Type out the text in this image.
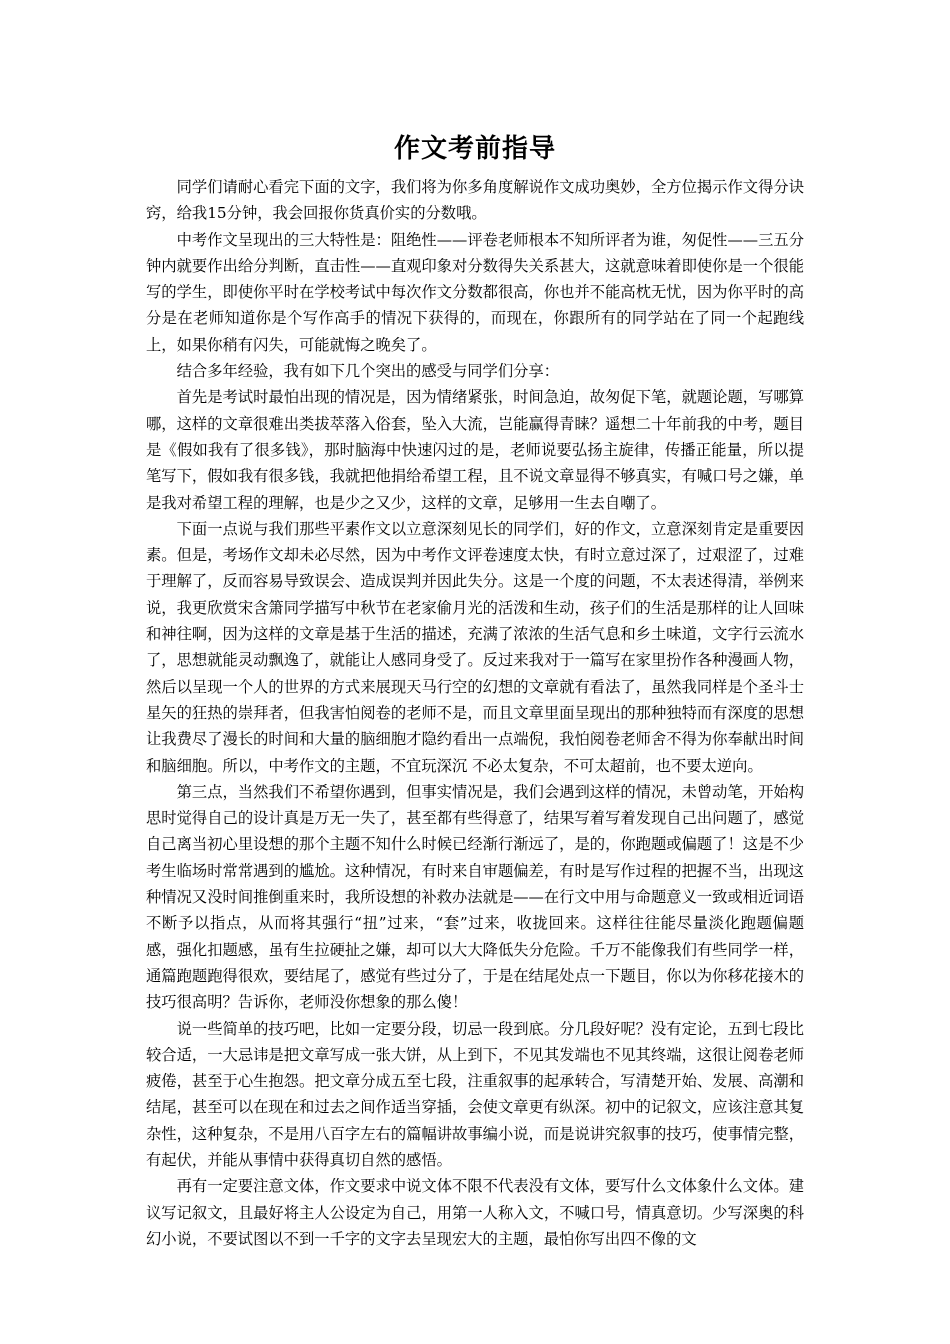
作文考前指导

同学们请耐心看完下面的文字，我们将为你多角度解说作文成功奥妙，全方位揭示作文得分诀窍，给我15分钟，我会回报你货真价实的分数哦。

中考作文呈现出的三大特性是：阻绝性——评卷老师根本不知所评者为谁，匆促性——三五分钟内就要作出给分判断，直击性——直观印象对分数得失关系甚大，这就意味着即使你是一个很能写的学生，即使你平时在学校考试中每次作文分数都很高，你也并不能高枕无忧，因为你平时的高分是在老师知道你是个写作高手的情况下获得的，而现在，你跟所有的同学站在了同一个起跑线上，如果你稍有闪失，可能就悔之晚矣了。

结合多年经验，我有如下几个突出的感受与同学们分享：

首先是考试时最怕出现的情况是，因为情绪紧张，时间急迫，故匆促下笔，就题论题，写哪算哪，这样的文章很难出类拔萃落入俗套，坠入大流，岂能赢得青睐？遥想二十年前我的中考，题目是《假如我有了很多钱》，那时脑海中快速闪过的是，老师说要弘扬主旋律，传播正能量，所以提笔写下，假如我有很多钱，我就把他捐给希望工程，且不说文章显得不够真实，有喊口号之嫌，单是我对希望工程的理解，也是少之又少，这样的文章，足够用一生去自嘲了。

下面一点说与我们那些平素作文以立意深刻见长的同学们，好的作文，立意深刻肯定是重要因素。但是，考场作文却未必尽然，因为中考作文评卷速度太快，有时立意过深了，过艰涩了，过难于理解了，反而容易导致误会、造成误判并因此失分。这是一个度的问题，不太表述得清，举例来说，我更欣赏宋含箫同学描写中秋节在老家偷月光的活泼和生动，孩子们的生活是那样的让人回味和神往啊，因为这样的文章是基于生活的描述，充满了浓浓的生活气息和乡土味道，文字行云流水了，思想就能灵动飘逸了，就能让人感同身受了。反过来我对于一篇写在家里扮作各种漫画人物，然后以呈现一个人的世界的方式来展现天马行空的幻想的文章就有看法了，虽然我同样是个圣斗士星矢的狂热的崇拜者，但我害怕阅卷的老师不是，而且文章里面呈现出的那种独特而有深度的思想让我费尽了漫长的时间和大量的脑细胞才隐约看出一点端倪，我怕阅卷老师舍不得为你奉献出时间和脑细胞。所以，中考作文的主题，不宜玩深沉 不必太复杂，不可太超前，也不要太逆向。

第三点，当然我们不希望你遇到，但事实情况是，我们会遇到这样的情况，未曾动笔，开始构思时觉得自己的设计真是万无一失了，甚至都有些得意了，结果写着写着发现自己出问题了，感觉自己离当初心里设想的那个主题不知什么时候已经渐行渐远了，是的，你跑题或偏题了！这是不少考生临场时常常遇到的尴尬。这种情况，有时来自审题偏差，有时是写作过程的把握不当，出现这种情况又没时间推倒重来时，我所设想的补救办法就是——在行文中用与命题意义一致或相近词语不断予以指点，从而将其强行“扭”过来，“套”过来，收拢回来。这样往往能尽量淡化跑题偏题感，强化扣题感，虽有生拉硬扯之嫌，却可以大大降低失分危险。千万不能像我们有些同学一样，通篇跑题跑得很欢，要结尾了，感觉有些过分了，于是在结尾处点一下题目，你以为你移花接木的技巧很高明？告诉你，老师没你想象的那么傻！

说一些简单的技巧吧，比如一定要分段，切忌一段到底。分几段好呢？没有定论，五到七段比较合适，一大忌讳是把文章写成一张大饼，从上到下，不见其发端也不见其终端，这很让阅卷老师疲倦，甚至于心生抱怨。把文章分成五至七段，注重叙事的起承转合，写清楚开始、发展、高潮和结尾，甚至可以在现在和过去之间作适当穿插，会使文章更有纵深。初中的记叙文，应该注意其复杂性，这种复杂，不是用八百字左右的篇幅讲故事编小说，而是说讲究叙事的技巧，使事情完整，有起伏，并能从事情中获得真切自然的感悟。

再有一定要注意文体，作文要求中说文体不限不代表没有文体，要写什么文体象什么文体。建议写记叙文，且最好将主人公设定为自己，用第一人称入文，不喊口号，情真意切。少写深奥的科幻小说，不要试图以不到一千字的文字去呈现宏大的主题，最怕你写出四不像的文
